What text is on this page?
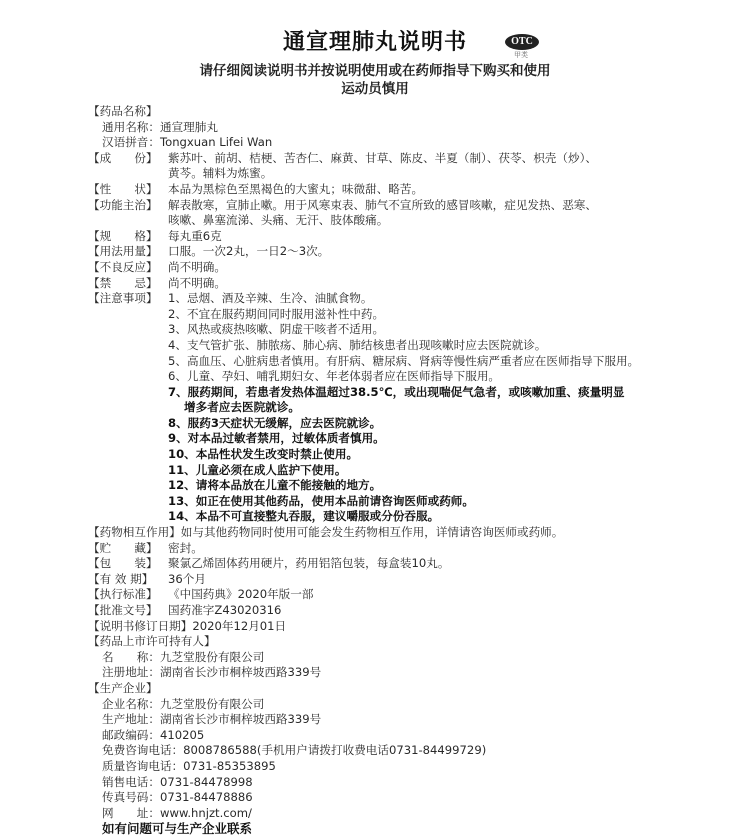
通宣理肺丸说明书	OTC
甲类
请仔细阅读说明书并按说明使用或在药师指导下购买和使用
运动员慎用
【药品名称】
通用名称： 通宣理肺丸
汉语拼音： Tongxuan Lifei Wan
【成　　份】 紫苏叶、前胡、桔梗、苦杏仁、麻黄、甘草、陈皮、半夏（制）、茯苓、枳壳（炒）、
黄芩。辅料为炼蜜。
【性　　状】 本品为黑棕色至黑褐色的大蜜丸；味微甜、略苦。
【功能主治】 解表散寒，宣肺止嗽。用于风寒束表、肺气不宣所致的感冒咳嗽，症见发热、恶寒、
咳嗽、鼻塞流涕、头痛、无汗、肢体酸痛。
【规　　格】 每丸重6克
【用法用量】 口服。一次2丸，一日2～3次。
【不良反应】 尚不明确。
【禁　　忌】 尚不明确。
【注意事项】 1、忌烟、酒及辛辣、生冷、油腻食物。
2、不宜在服药期间同时服用滋补性中药。
3、风热或痰热咳嗽、阴虚干咳者不适用。
4、支气管扩张、肺脓疡、肺心病、肺结核患者出现咳嗽时应去医院就诊。
5、高血压、心脏病患者慎用。有肝病、糖尿病、肾病等慢性病严重者应在医师指导下服用。
6、儿童、孕妇、哺乳期妇女、年老体弱者应在医师指导下服用。
7、服药期间，若患者发热体温超过38.5℃，或出现喘促气急者，或咳嗽加重、痰量明显
增多者应去医院就诊。
8、服药3天症状无缓解，应去医院就诊。
9、对本品过敏者禁用，过敏体质者慎用。
10、本品性状发生改变时禁止使用。
11、儿童必须在成人监护下使用。
12、请将本品放在儿童不能接触的地方。
13、如正在使用其他药品，使用本品前请咨询医师或药师。
14、本品不可直接整丸吞服，建议嚼服或分份吞服。
【药物相互作用】 如与其他药物同时使用可能会发生药物相互作用，详情请咨询医师或药师。
【贮　　藏】 密封。
【包　　装】 聚氯乙烯固体药用硬片，药用铝箔包装，每盒装10丸。
【有 效 期】	36个月
【执行标准】 《中国药典》2020年版一部
【批准文号】 国药准字Z43020316
【说明书修订日期】 2020年12月01日
【药品上市许可持有人】
名　　称： 九芝堂股份有限公司
注册地址： 湖南省长沙市桐梓坡西路339号
【生产企业】
企业名称： 九芝堂股份有限公司
生产地址： 湖南省长沙市桐梓坡西路339号
邮政编码： 410205
免费咨询电话： 8008786588(手机用户请拨打收费电话0731-84499729)
质量咨询电话： 0731-85353895
销售电话： 0731-84478998
传真号码： 0731-84478886
网　　址： www.hnjzt.com/
如有问题可与生产企业联系
